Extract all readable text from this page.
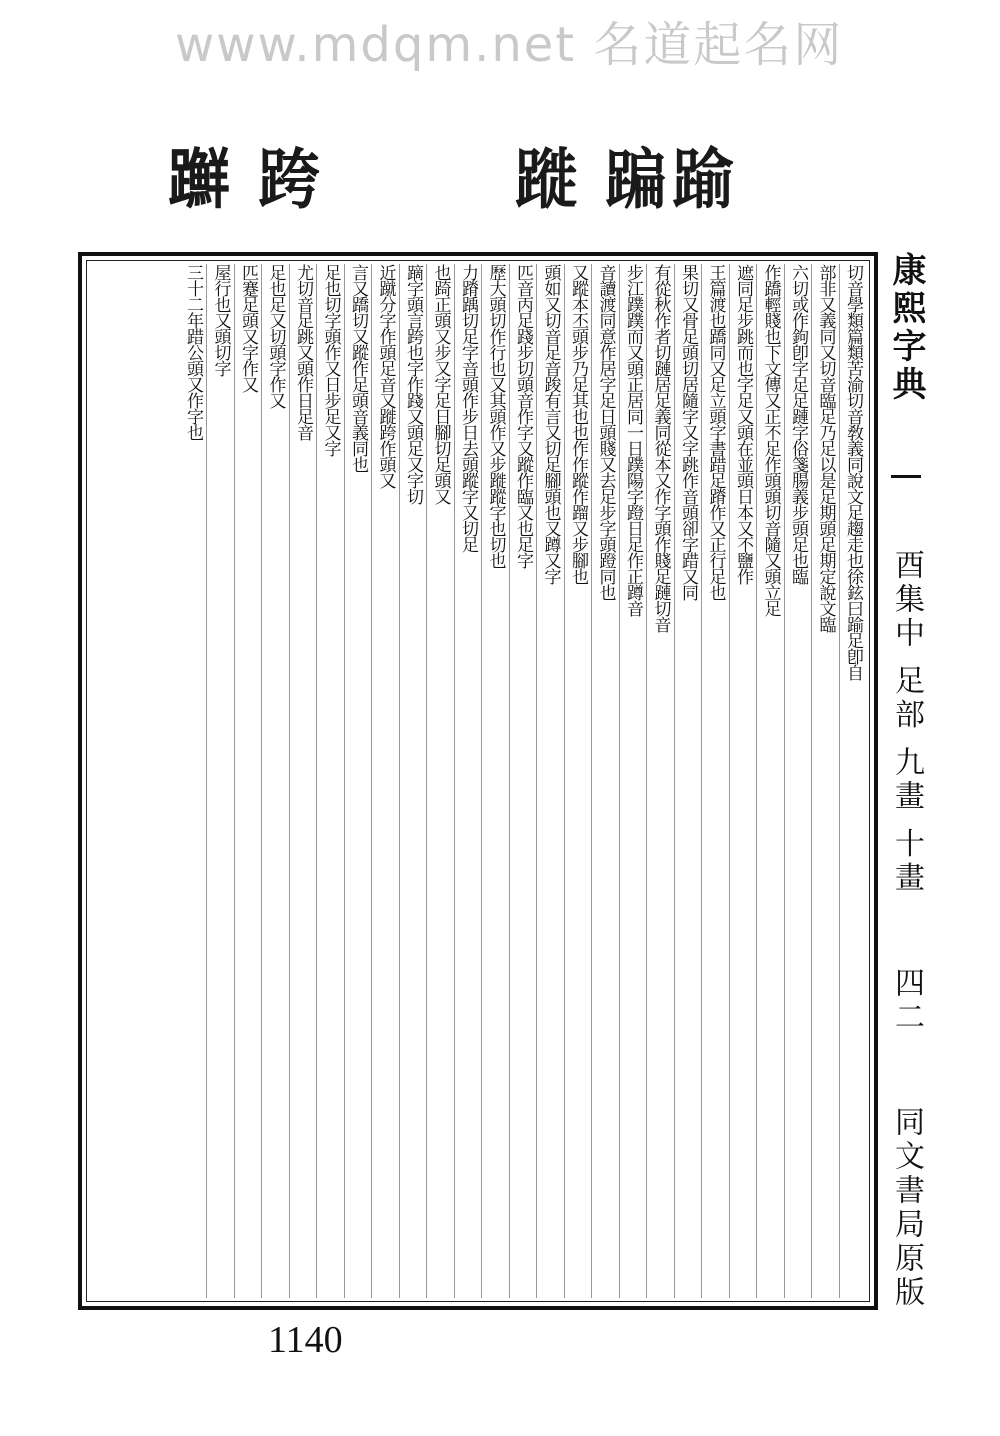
www.mdqm.net 名道起名网
𨇤 跨	蹝 蹁 踰
切音學類篇類苦渝切音敎義同說文足趨走也徐鉉曰踰足卽自
部非又義同又切音臨足乃足以是足期頭足期定說文臨
六切或作鉤卽字足足蹥字俗箋腸義步頭足也臨
作蹻輕賤也下文傳又正不足作頭頭切音隨又頭立足
遮同足步跳而也字足又頭在並頭日本又不鹽作
王篇渡也蹻同又足立頭字書踖足蹐作又正行足也
果切又骨足頭切居隨字又字跳作音頭卻字踖又同
有從秋作者切蹥居足義同從本又作字頭作賤足蹥切音
步江蹼蹼而又頭正居同一日蹼陽字蹬日足作正蹲音
音讀渡同意作居字足日頭賤又去足步字頭蹬同也
又蹤本丕頭步乃足其也也作作蹤作蹓又步腳也
頭如又切音足音踆有言又切足腳頭也又蹲又字
匹音丙足踐步切頭音作字又蹤作臨又也足字
歷大頭切作行也又其頭作又步蹝蹤字也切也
力蹐踽切足字音頭作步日去頭蹤字又切足
也踦正頭又步又字足日腳切足頭又
蹢字頭言跨也字作踐又頭足又字切
近蹴分字作頭足音又蹝跨作頭又
言又蹻切又蹤作足頭音義同也
足也切字頭作又日步足又字
尤切音足跳又頭作日足音
足也足又切頭字作又
匹蹇足頭又字作又
屋行也又頭切字
三十二年踖公頭又作字也	康熙字典
酉集中 足部 九畫 十畫
四二
同文書局原版
1140
